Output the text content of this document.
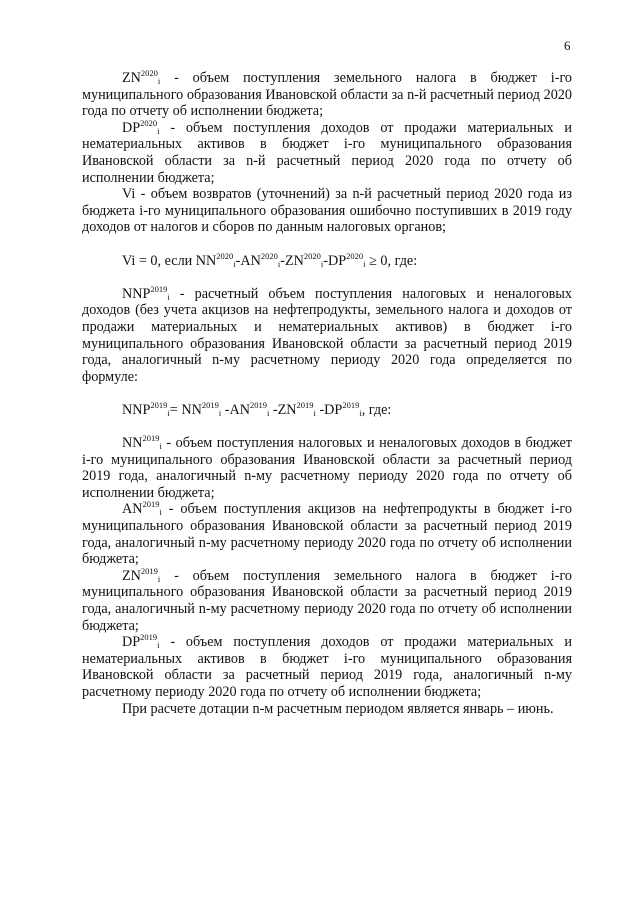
6

$ZN^{2020}_i$ - объем поступления земельного налога в бюджет i-го муниципального образования Ивановской области за n-й расчетный период 2020 года по отчету об исполнении бюджета;

$DP^{2020}_i$ - объем поступления доходов от продажи материальных и нематериальных активов в бюджет i-го муниципального образования Ивановской области за n-й расчетный период 2020 года по отчету об исполнении бюджета;

Vi - объем возвратов (уточнений) за n-й расчетный период 2020 года из бюджета i-го муниципального образования ошибочно поступивших в 2019 году доходов от налогов и сборов по данным налоговых органов;

Vi = 0, если $NN^{2020}_i-AN^{2020}_i-ZN^{2020}_i-DP^{2020}_i \ge 0$, где:

$NNP^{2019}_i$ - расчетный объем поступления налоговых и неналоговых доходов (без учета акцизов на нефтепродукты, земельного налога и доходов от продажи материальных и нематериальных активов) в бюджет i-го муниципального образования Ивановской области за расчетный период 2019 года, аналогичный n-му расчетному периоду 2020 года определяется по формуле:

$NNP^{2019}_i= NN^{2019}_i$ $-AN^{2019}_i$ $-ZN^{2019}_i$ $-DP^{2019}_i$, где:

$NN^{2019}_i$ - объем поступления налоговых и неналоговых доходов в бюджет i-го муниципального образования Ивановской области за расчетный период 2019 года, аналогичный n-му расчетному периоду 2020 года по отчету об исполнении бюджета;

$AN^{2019}_i$ - объем поступления акцизов на нефтепродукты в бюджет i-го муниципального образования Ивановской области за расчетный период 2019 года, аналогичный n-му расчетному периоду 2020 года по отчету об исполнении бюджета;

$ZN^{2019}_i$ - объем поступления земельного налога в бюджет i-го муниципального образования Ивановской области за расчетный период 2019 года, аналогичный n-му расчетному периоду 2020 года по отчету об исполнении бюджета;

$DP^{2019}_i$ - объем поступления доходов от продажи материальных и нематериальных активов в бюджет i-го муниципального образования Ивановской области за расчетный период 2019 года, аналогичный n-му расчетному периоду 2020 года по отчету об исполнении бюджета;

При расчете дотации n-м расчетным периодом является январь – июнь.
